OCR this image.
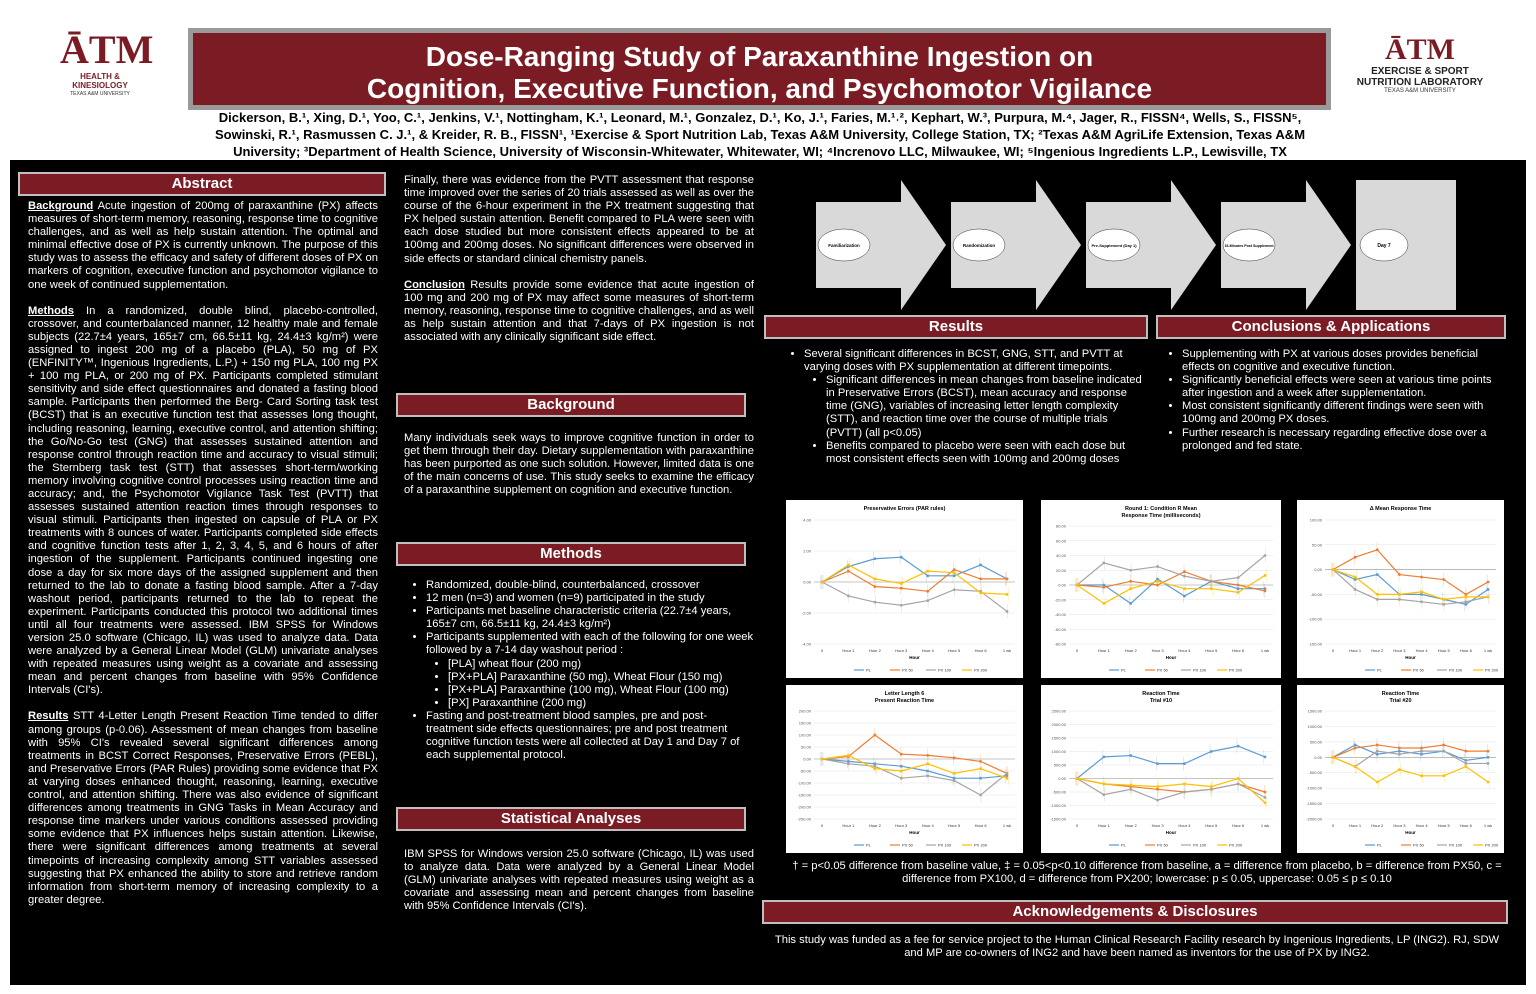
ĀTM
HEALTH & KINESIOLOGY
TEXAS A&M UNIVERSITY
Dose-Ranging Study of Paraxanthine Ingestion on
Cognition, Executive Function, and Psychomotor Vigilance
ĀTM
EXERCISE & SPORT
NUTRITION LABORATORY
TEXAS A&M UNIVERSITY
Dickerson, B.¹, Xing, D.¹, Yoo, C.¹, Jenkins, V.¹, Nottingham, K.¹, Leonard, M.¹, Gonzalez, D.¹, Ko, J.¹, Faries, M.¹˒², Kephart, W.³, Purpura, M.⁴, Jager, R., FISSN⁴, Wells, S., FISSN⁵, Sowinski, R.¹, Rasmussen C. J.¹, & Kreider, R. B., FISSN¹, ¹Exercise & Sport Nutrition Lab, Texas A&M University, College Station, TX; ²Texas A&M AgriLife Extension, Texas A&M University; ³Department of Health Science, University of Wisconsin-Whitewater, Whitewater, WI; ⁴Increnovo LLC, Milwaukee, WI; ⁵Ingenious Ingredients L.P., Lewisville, TX
Abstract

Background Acute ingestion of 200mg of paraxanthine (PX) affects measures of short-term memory, reasoning, response time to cognitive challenges, and as well as help sustain attention. The optimal and minimal effective dose of PX is currently unknown. The purpose of this study was to assess the efficacy and safety of different doses of PX on markers of cognition, executive function and psychomotor vigilance to one week of continued supplementation.

Methods In a randomized, double blind, placebo-controlled, crossover, and counterbalanced manner, 12 healthy male and female subjects (22.7±4 years, 165±7 cm, 66.5±11 kg, 24.4±3 kg/m²) were assigned to ingest 200 mg of a placebo (PLA), 50 mg of PX (ENFINITY™, Ingenious Ingredients, L.P.) + 150 mg PLA, 100 mg PX + 100 mg PLA, or 200 mg of PX. Participants completed stimulant sensitivity and side effect questionnaires and donated a fasting blood sample. Participants then performed the Berg- Card Sorting task test (BCST) that is an executive function test that assesses long thought, including reasoning, learning, executive control, and attention shifting; the Go/No-Go test (GNG) that assesses sustained attention and response control through reaction time and accuracy to visual stimuli; the Sternberg task test (STT) that assesses short-term/working memory involving cognitive control processes using reaction time and accuracy; and, the Psychomotor Vigilance Task Test (PVTT) that assesses sustained attention reaction times through responses to visual stimuli. Participants then ingested on capsule of PLA or PX treatments with 8 ounces of water. Participants completed side effects and cognitive function tests after 1, 2, 3, 4, 5, and 6 hours of after ingestion of the supplement. Participants continued ingesting one dose a day for six more days of the assigned supplement and then returned to the lab to donate a fasting blood sample. After a 7-day washout period, participants returned to the lab to repeat the experiment. Participants conducted this protocol two additional times until all four treatments were assessed. IBM SPSS for Windows version 25.0 software (Chicago, IL) was used to analyze data. Data were analyzed by a General Linear Model (GLM) univariate analyses with repeated measures using weight as a covariate and assessing mean and percent changes from baseline with 95% Confidence Intervals (CI's).

Results STT 4-Letter Length Present Reaction Time tended to differ among groups (p-0.06). Assessment of mean changes from baseline with 95% CI's revealed several significant differences among treatments in BCST Correct Responses, Preservative Errors (PEBL), and Preservative Errors (PAR Rules) providing some evidence that PX at varying doses enhanced thought, reasoning, learning, executive control, and attention shifting. There was also evidence of significant differences among treatments in GNG Tasks in Mean Accuracy and response time markers under various conditions assessed providing some evidence that PX influences helps sustain attention. Likewise, there were significant differences among treatments at several timepoints of increasing complexity among STT variables assessed suggesting that PX enhanced the ability to store and retrieve random information from short-term memory of increasing complexity to a greater degree.

Finally, there was evidence from the PVTT assessment that response time improved over the series of 20 trials assessed as well as over the course of the 6-hour experiment in the PX treatment suggesting that PX helped sustain attention. Benefit compared to PLA were seen with each dose studied but more consistent effects appeared to be at 100mg and 200mg doses. No significant differences were observed in side effects or standard clinical chemistry panels.

Conclusion Results provide some evidence that acute ingestion of 100 mg and 200 mg of PX may affect some measures of short-term memory, reasoning, response time to cognitive challenges, and as well as help sustain attention and that 7-days of PX ingestion is not associated with any clinically significant side effect.

Background
Many individuals seek ways to improve cognitive function in order to get them through their day. Dietary supplementation with paraxanthine has been purported as one such solution. However, limited data is one of the main concerns of use. This study seeks to examine the efficacy of a paraxanthine supplement on cognition and executive function.
Methods
• Randomized, double-blind, counterbalanced, crossover
• 12 men (n=3) and women (n=9) participated in the study
• Participants met baseline characteristic criteria (22.7±4 years, 165±7 cm, 66.5±11 kg, 24.4±3 kg/m²)
• Participants supplemented with each of the following for one week followed by a 7-14 day washout period :
• [PLA] wheat flour (200 mg)
• [PX+PLA] Paraxanthine (50 mg), Wheat Flour (150 mg)
• [PX+PLA] Paraxanthine (100 mg), Wheat Flour (100 mg)
• [PX] Paraxanthine (200 mg)
• Fasting and post-treatment blood samples, pre and post-treatment side effects questionnaires; pre and post treatment cognitive function tests were all collected at Day 1 and Day 7 of each supplemental protocol.
Statistical Analyses
IBM SPSS for Windows version 25.0 software (Chicago, IL) was used to analyze data. Data were analyzed by a General Linear Model (GLM) univariate analyses with repeated measures using weight as a covariate and assessing mean and percent changes from baseline with 95% Confidence Intervals (CI's).
Familiarization	Randomization	Pre-Supplement (Day 1)	15-Minutes Post Supplement	Day 7
Results
• Several significant differences in BCST, GNG, STT, and PVTT at varying doses with PX supplementation at different timepoints.
• Significant differences in mean changes from baseline indicated in Preservative Errors (BCST), mean accuracy and response time (GNG), variables of increasing letter length complexity (STT), and reaction time over the course of multiple trials (PVTT) (all p<0.05)
• Benefits compared to placebo were seen with each dose but most consistent effects seen with 100mg and 200mg doses
Conclusions & Applications
• Supplementing with PX at various doses provides beneficial effects on cognitive and executive function.
• Significantly beneficial effects were seen at various time points after ingestion and a week after supplementation.
• Most consistent significantly different findings were seen with 100mg and 200mg PX doses.
• Further research is necessary regarding effective dose over a prolonged and fed state.
Preservative Errors (PAR rules)
4.00
2.00
0.00
-2.00
-4.00
0	Hour 1	Hour 2	Hour 3	Hour 4	Hour 5	Hour 6	1 wk
Hour
PL	PX 50	PX 100	PX 200
Round 1: Condition R Mean
Response Time (milliseconds)
80.00
60.00
40.00
20.00
0.00
-20.00
-40.00
-60.00
-80.00
0	Hour 1	Hour 2	Hour 3	Hour 4	Hour 5	Hour 6	1 wk
Hour
PL	PX 50	PX 100	PX 200
Δ Mean Response Time
100.00
50.00
0.00
-50.00
-100.00
-150.00
0	Hour 1	Hour 2	Hour 3	Hour 4	Hour 5	Hour 6	1 wk
Hour
PL	PX 50	PX 100	PX 200
Letter Length 6
Present Reaction Time
200.00
150.00
100.00
50.00
0.00
-50.00
-100.00
-150.00
-200.00
-250.00
0	Hour 1	Hour 2	Hour 3	Hour 4	Hour 5	Hour 6	1 wk
Hour
PL	PX 50	PX 100	PX 200
Reaction Time
Trial #10
2500.00
2000.00
1500.00
1000.00
500.00
0.00
-500.00
-1000.00
-1500.00
0	Hour 1	Hour 2	Hour 3	Hour 4	Hour 5	Hour 6	1 wk
Hour
PL	PX 50	PX 100	PX 200
Reaction Time
Trial #20
1500.00
1000.00
500.00
0.00
-500.00
-1000.00
-1500.00
-2000.00
0	Hour 1	Hour 2	Hour 3	Hour 4	Hour 5	Hour 6	1 wk
Hour
PL	PX 50	PX 100	PX 200
† = p<0.05 difference from baseline value, ‡ = 0.05<p<0.10 difference from baseline, a = difference from placebo, b = difference from PX50, c = difference from PX100, d = difference from PX200; lowercase: p ≤ 0.05, uppercase: 0.05 ≤ p ≤ 0.10
Acknowledgements & Disclosures
This study was funded as a fee for service project to the Human Clinical Research Facility research by Ingenious Ingredients, LP (ING2). RJ, SDW and MP are co-owners of ING2 and have been named as inventors for the use of PX by ING2.
